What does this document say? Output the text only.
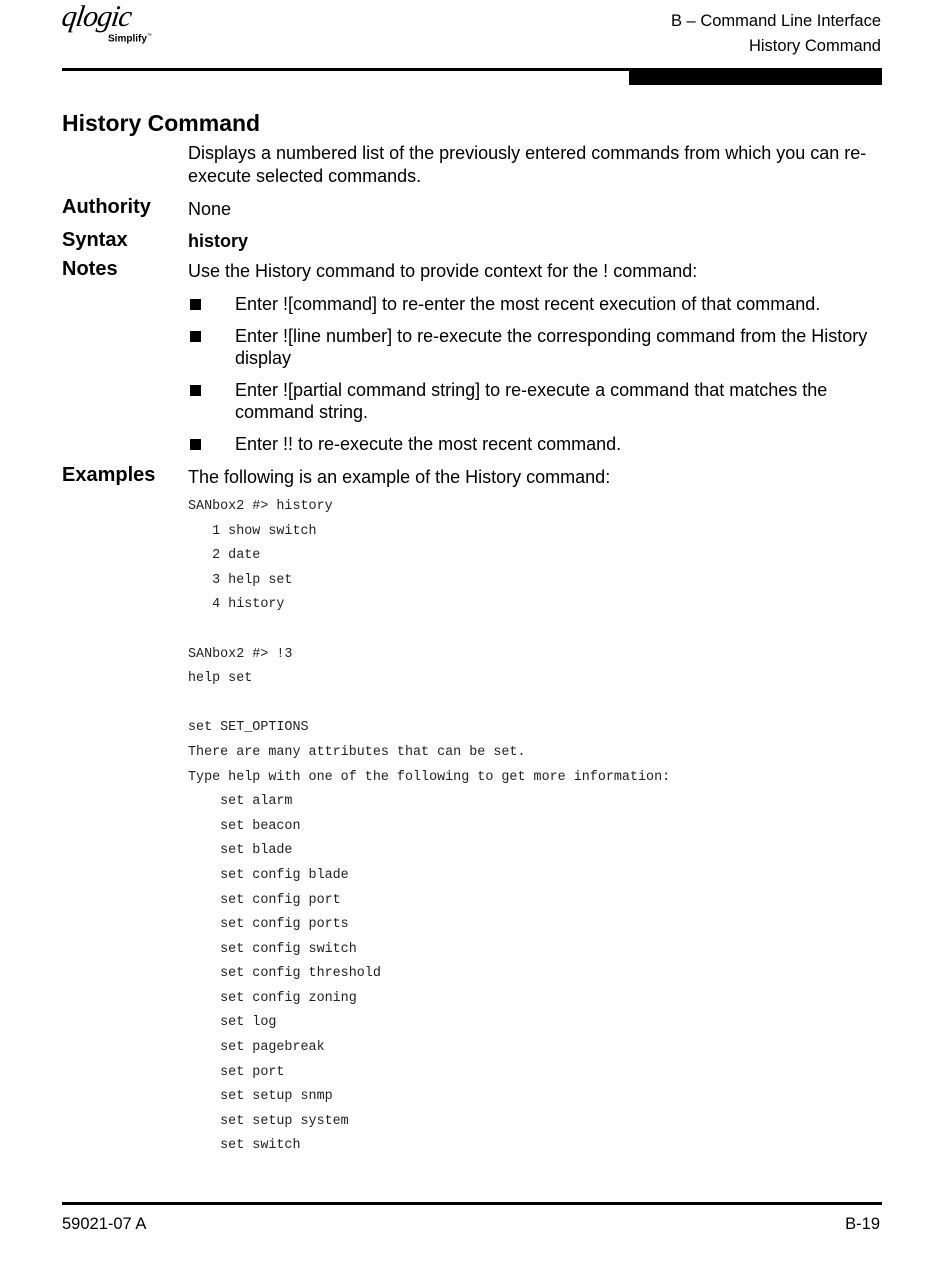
qlogic
Simplify™
B – Command Line Interface
History Command
History Command
Displays a numbered list of the previously entered commands from which you can re-execute selected commands.
Authority None
Syntax	history
Notes	Use the History command to provide context for the ! command:
Enter ![command] to re-enter the most recent execution of that command.
Enter ![line number] to re-execute the corresponding command from the History display
Enter ![partial command string] to re-execute a command that matches the command string.
Enter !! to re-execute the most recent command.
Examples The following is an example of the History command:
SANbox2 #> history
1 show switch
2 date
3 help set
4 history
SANbox2 #> !3
help set
set SET_OPTIONS
There are many attributes that can be set.
Type help with one of the following to get more information:
set alarm
set beacon
set blade
set config blade
set config port
set config ports
set config switch
set config threshold
set config zoning
set log
set pagebreak
set port
set setup snmp
set setup system
set switch
59021-07 A	B-19
